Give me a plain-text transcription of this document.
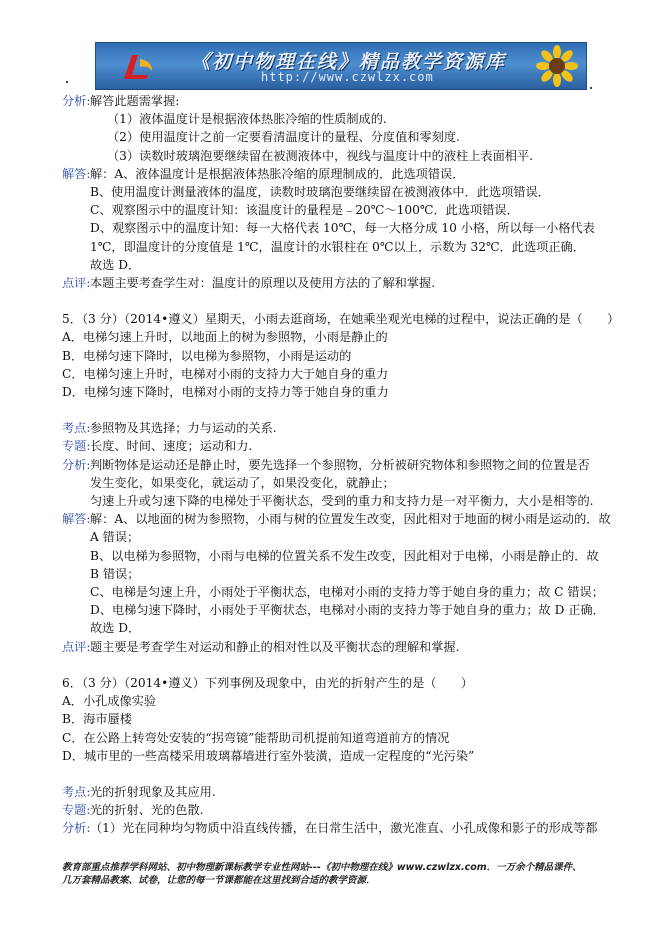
《初中物理在线》精品教学资源库
http://www.czwlzx.com
分析: 解答此题需掌握:
（1）液体温度计是根据液体热胀冷缩的性质制成的.
（2）使用温度计之前一定要看清温度计的量程、分度值和零刻度.
（3）读数时玻璃泡要继续留在被测液体中，视线与温度计中的液柱上表面相平.
解答: 解：A、液体温度计是根据液体热胀冷缩的原理制成的．此选项错误．
B、使用温度计测量液体的温度，读数时玻璃泡要继续留在被测液体中．此选项错误．
C、观察图示中的温度计知：该温度计的量程是﹣20℃～100℃．此选项错误．
D、观察图示中的温度计知：每一大格代表 10℃，每一大格分成 10 小格，所以每一小格代表
1℃，即温度计的分度值是 1℃，温度计的水银柱在 0℃以上，示数为 32℃．此选项正确．
故选 D．
点评: 本题主要考查学生对：温度计的原理以及使用方法的了解和掌握.
5．（3 分）（2014•遵义）星期天，小雨去逛商场，在她乘坐观光电梯的过程中，说法正确的是（　　）
A．电梯匀速上升时，以地面上的树为参照物，小雨是静止的
B．电梯匀速下降时，以电梯为参照物，小雨是运动的
C．电梯匀速上升时，电梯对小雨的支持力大于她自身的重力
D．电梯匀速下降时，电梯对小雨的支持力等于她自身的重力
考点: 参照物及其选择；力与运动的关系.
专题: 长度、时间、速度；运动和力.
分析: 判断物体是运动还是静止时，要先选择一个参照物，分析被研究物体和参照物之间的位置是否
发生变化，如果变化，就运动了，如果没变化，就静止；
匀速上升或匀速下降的电梯处于平衡状态，受到的重力和支持力是一对平衡力，大小是相等的.
解答: 解：A、以地面的树为参照物，小雨与树的位置发生改变，因此相对于地面的树小雨是运动的．故
A 错误；
B、以电梯为参照物，小雨与电梯的位置关系不发生改变，因此相对于电梯，小雨是静止的．故
B 错误；
C、电梯是匀速上升，小雨处于平衡状态，电梯对小雨的支持力等于她自身的重力；故 C 错误；
D、电梯匀速下降时，小雨处于平衡状态，电梯对小雨的支持力等于她自身的重力；故 D 正确．
故选 D．
点评: 题主要是考查学生对运动和静止的相对性以及平衡状态的理解和掌握.
6．（3 分）（2014•遵义）下列事例及现象中，由光的折射产生的是（　　）
A．小孔成像实验
B．海市蜃楼
C．在公路上转弯处安装的“拐弯镜”能帮助司机提前知道弯道前方的情况
D．城市里的一些高楼采用玻璃幕墙进行室外装潢，造成一定程度的“光污染”
考点: 光的折射现象及其应用.
专题: 光的折射、光的色散.
分析: （1）光在同种均匀物质中沿直线传播，在日常生活中，激光准直、小孔成像和影子的形成等都
教育部重点推荐学科网站、初中物理新课标教学专业性网站---《初中物理在线》www.czwlzx.com．一万余个精品课件、
几万套精品教案、试卷，让您的每一节课都能在这里找到合适的教学资源．
